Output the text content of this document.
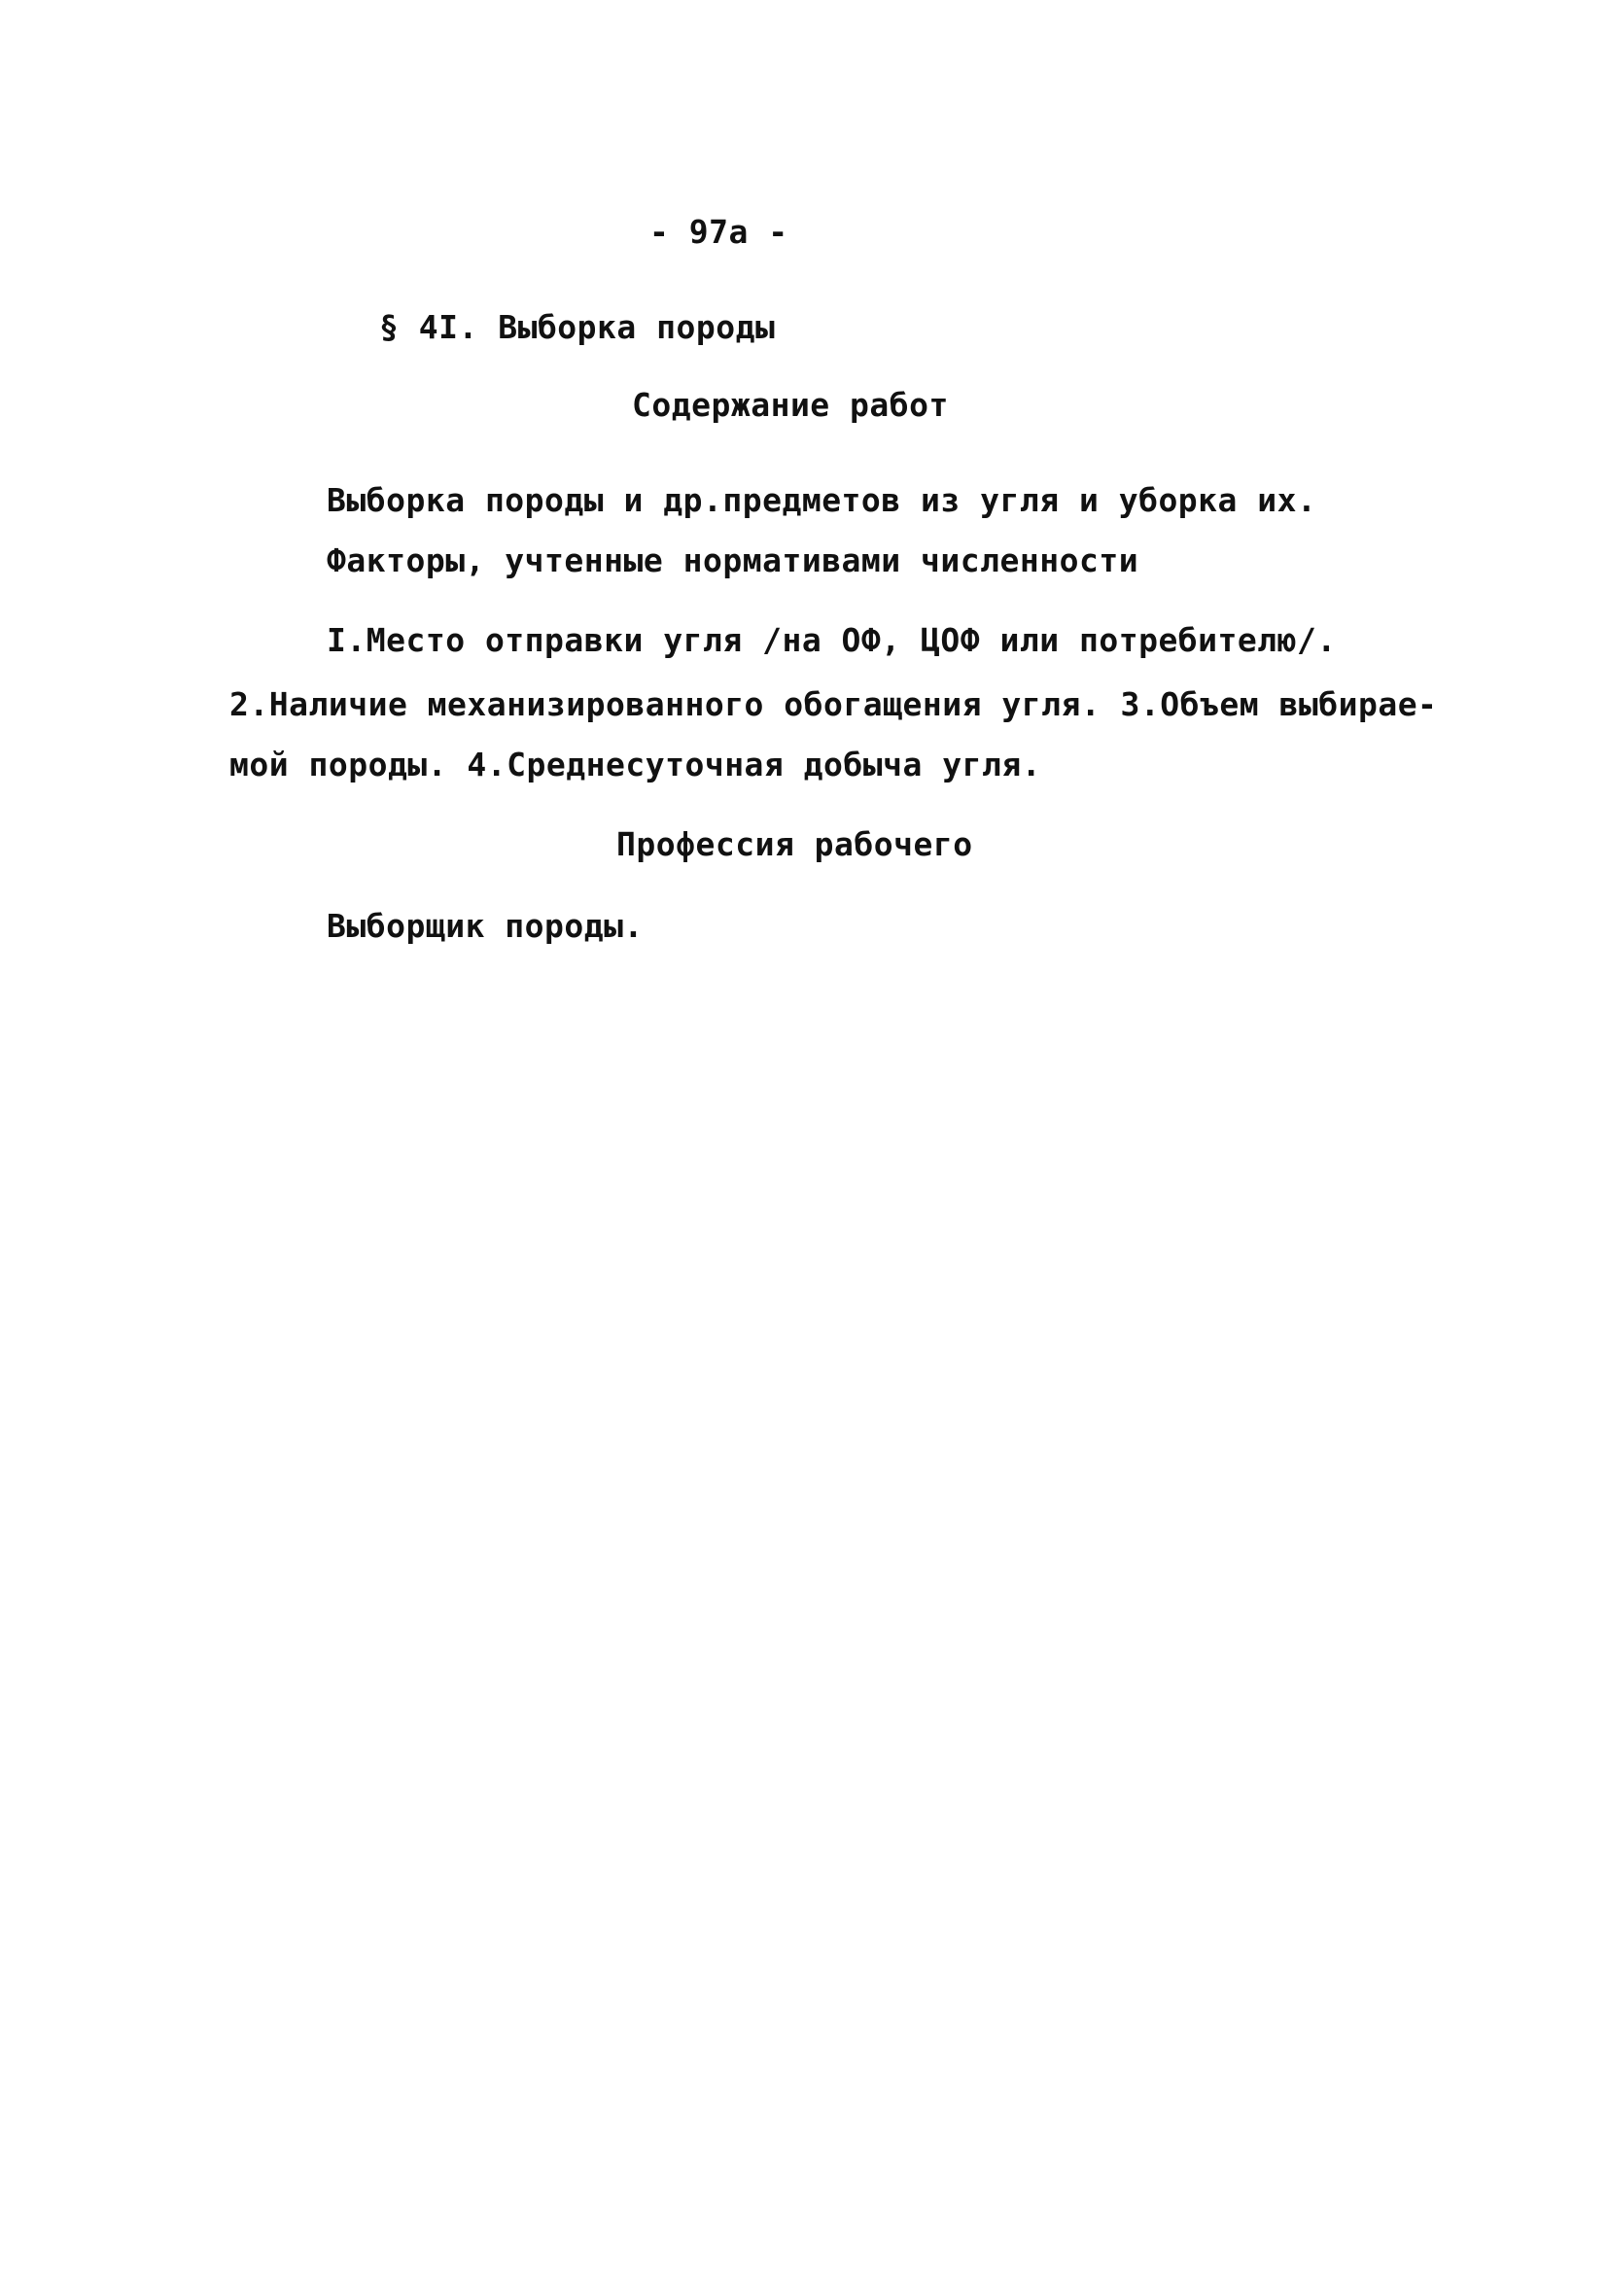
- 97а -
§ 4I. Выборка породы
Содержание работ
Выборка породы и др.предметов из угля и уборка их.
Факторы, учтенные нормативами численности
I.Место отправки угля /на ОФ, ЦОФ или потребителю/.
2.Наличие механизированного обогащения угля. 3.Объем выбирае-
мой породы. 4.Среднесуточная добыча угля.
Профессия рабочего
Выборщик породы.
